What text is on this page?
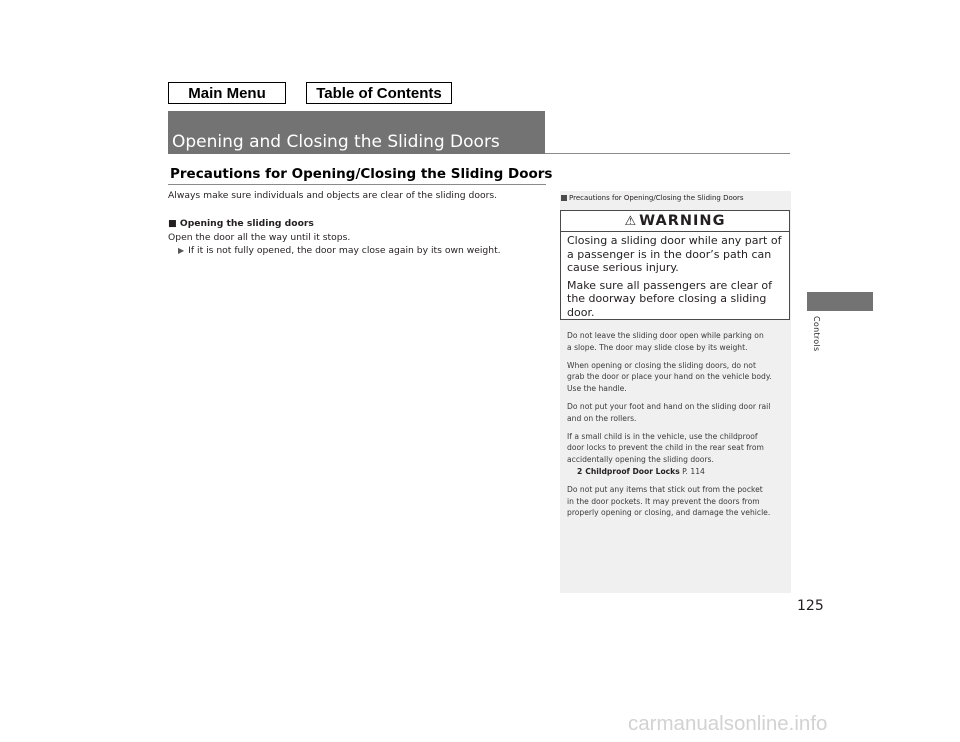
Main Menu	Table of Contents
Opening and Closing the Sliding Doors
Precautions for Opening/Closing the Sliding Doors
Always make sure individuals and objects are clear of the sliding doors.
■ Opening the sliding doors
Open the door all the way until it stops.
▶ If it is not fully opened, the door may close again by its own weight.
Controls
Precautions for Opening/Closing the Sliding Doors
⚠ WARNING

Closing a sliding door while any part of a passenger is in the door’s path can cause serious injury.

Make sure all passengers are clear of the doorway before closing a sliding door.

Do not leave the sliding door open while parking on
a slope. The door may slide close by its weight.

When opening or closing the sliding doors, do not
grab the door or place your hand on the vehicle body.
Use the handle.

Do not put your foot and hand on the sliding door rail
and on the rollers.

If a small child is in the vehicle, use the childproof
door locks to prevent the child in the rear seat from
accidentally opening the sliding doors.

2 Childproof Door Locks P. 114

Do not put any items that stick out from the pocket
in the door pockets. It may prevent the doors from
properly opening or closing, and damage the vehicle.

125
carmanualsonline.info
